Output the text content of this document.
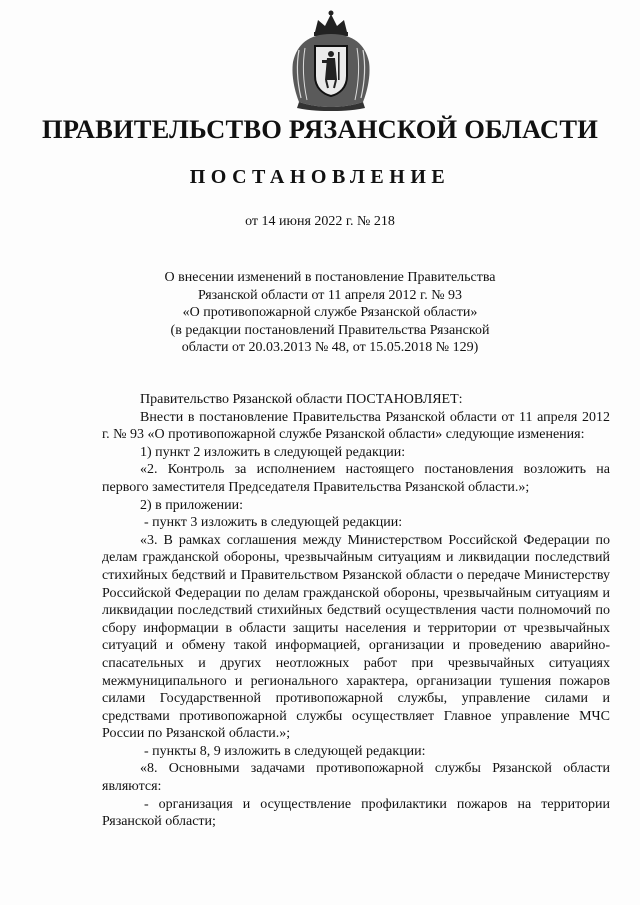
ПРАВИТЕЛЬСТВО РЯЗАНСКОЙ ОБЛАСТИ
ПОСТАНОВЛЕНИЕ
от 14 июня 2022 г. № 218
О внесении изменений в постановление Правительства
Рязанской области от 11 апреля 2012 г. № 93
«О противопожарной службе Рязанской области»
(в редакции постановлений Правительства Рязанской
области от 20.03.2013 № 48, от 15.05.2018 № 129)

Правительство Рязанской области ПОСТАНОВЛЯЕТ:

Внести в постановление Правительства Рязанской области от 11 апреля 2012 г. № 93 «О противопожарной службе Рязанской области» следующие изменения:

1) пункт 2 изложить в следующей редакции:

«2. Контроль за исполнением настоящего постановления возложить на первого заместителя Председателя Правительства Рязанской области.»;

2) в приложении:

- пункт 3 изложить в следующей редакции:

«3. В рамках соглашения между Министерством Российской Федерации по делам гражданской обороны, чрезвычайным ситуациям и ликвидации последствий стихийных бедствий и Правительством Рязанской области о передаче Министерству Российской Федерации по делам гражданской обороны, чрезвычайным ситуациям и ликвидации последствий стихийных бедствий осуществления части полномочий по сбору информации в области защиты населения и территории от чрезвычайных ситуаций и обмену такой информацией, организации и проведению аварийно-спасательных и других неотложных работ при чрезвычайных ситуациях межмуниципального и регионального характера, организации тушения пожаров силами Государственной противопожарной службы, управление силами и средствами противопожарной службы осуществляет Главное управление МЧС России по Рязанской области.»;

- пункты 8, 9 изложить в следующей редакции:

«8. Основными задачами противопожарной службы Рязанской области являются:

- организация и осуществление профилактики пожаров на территории Рязанской области;
